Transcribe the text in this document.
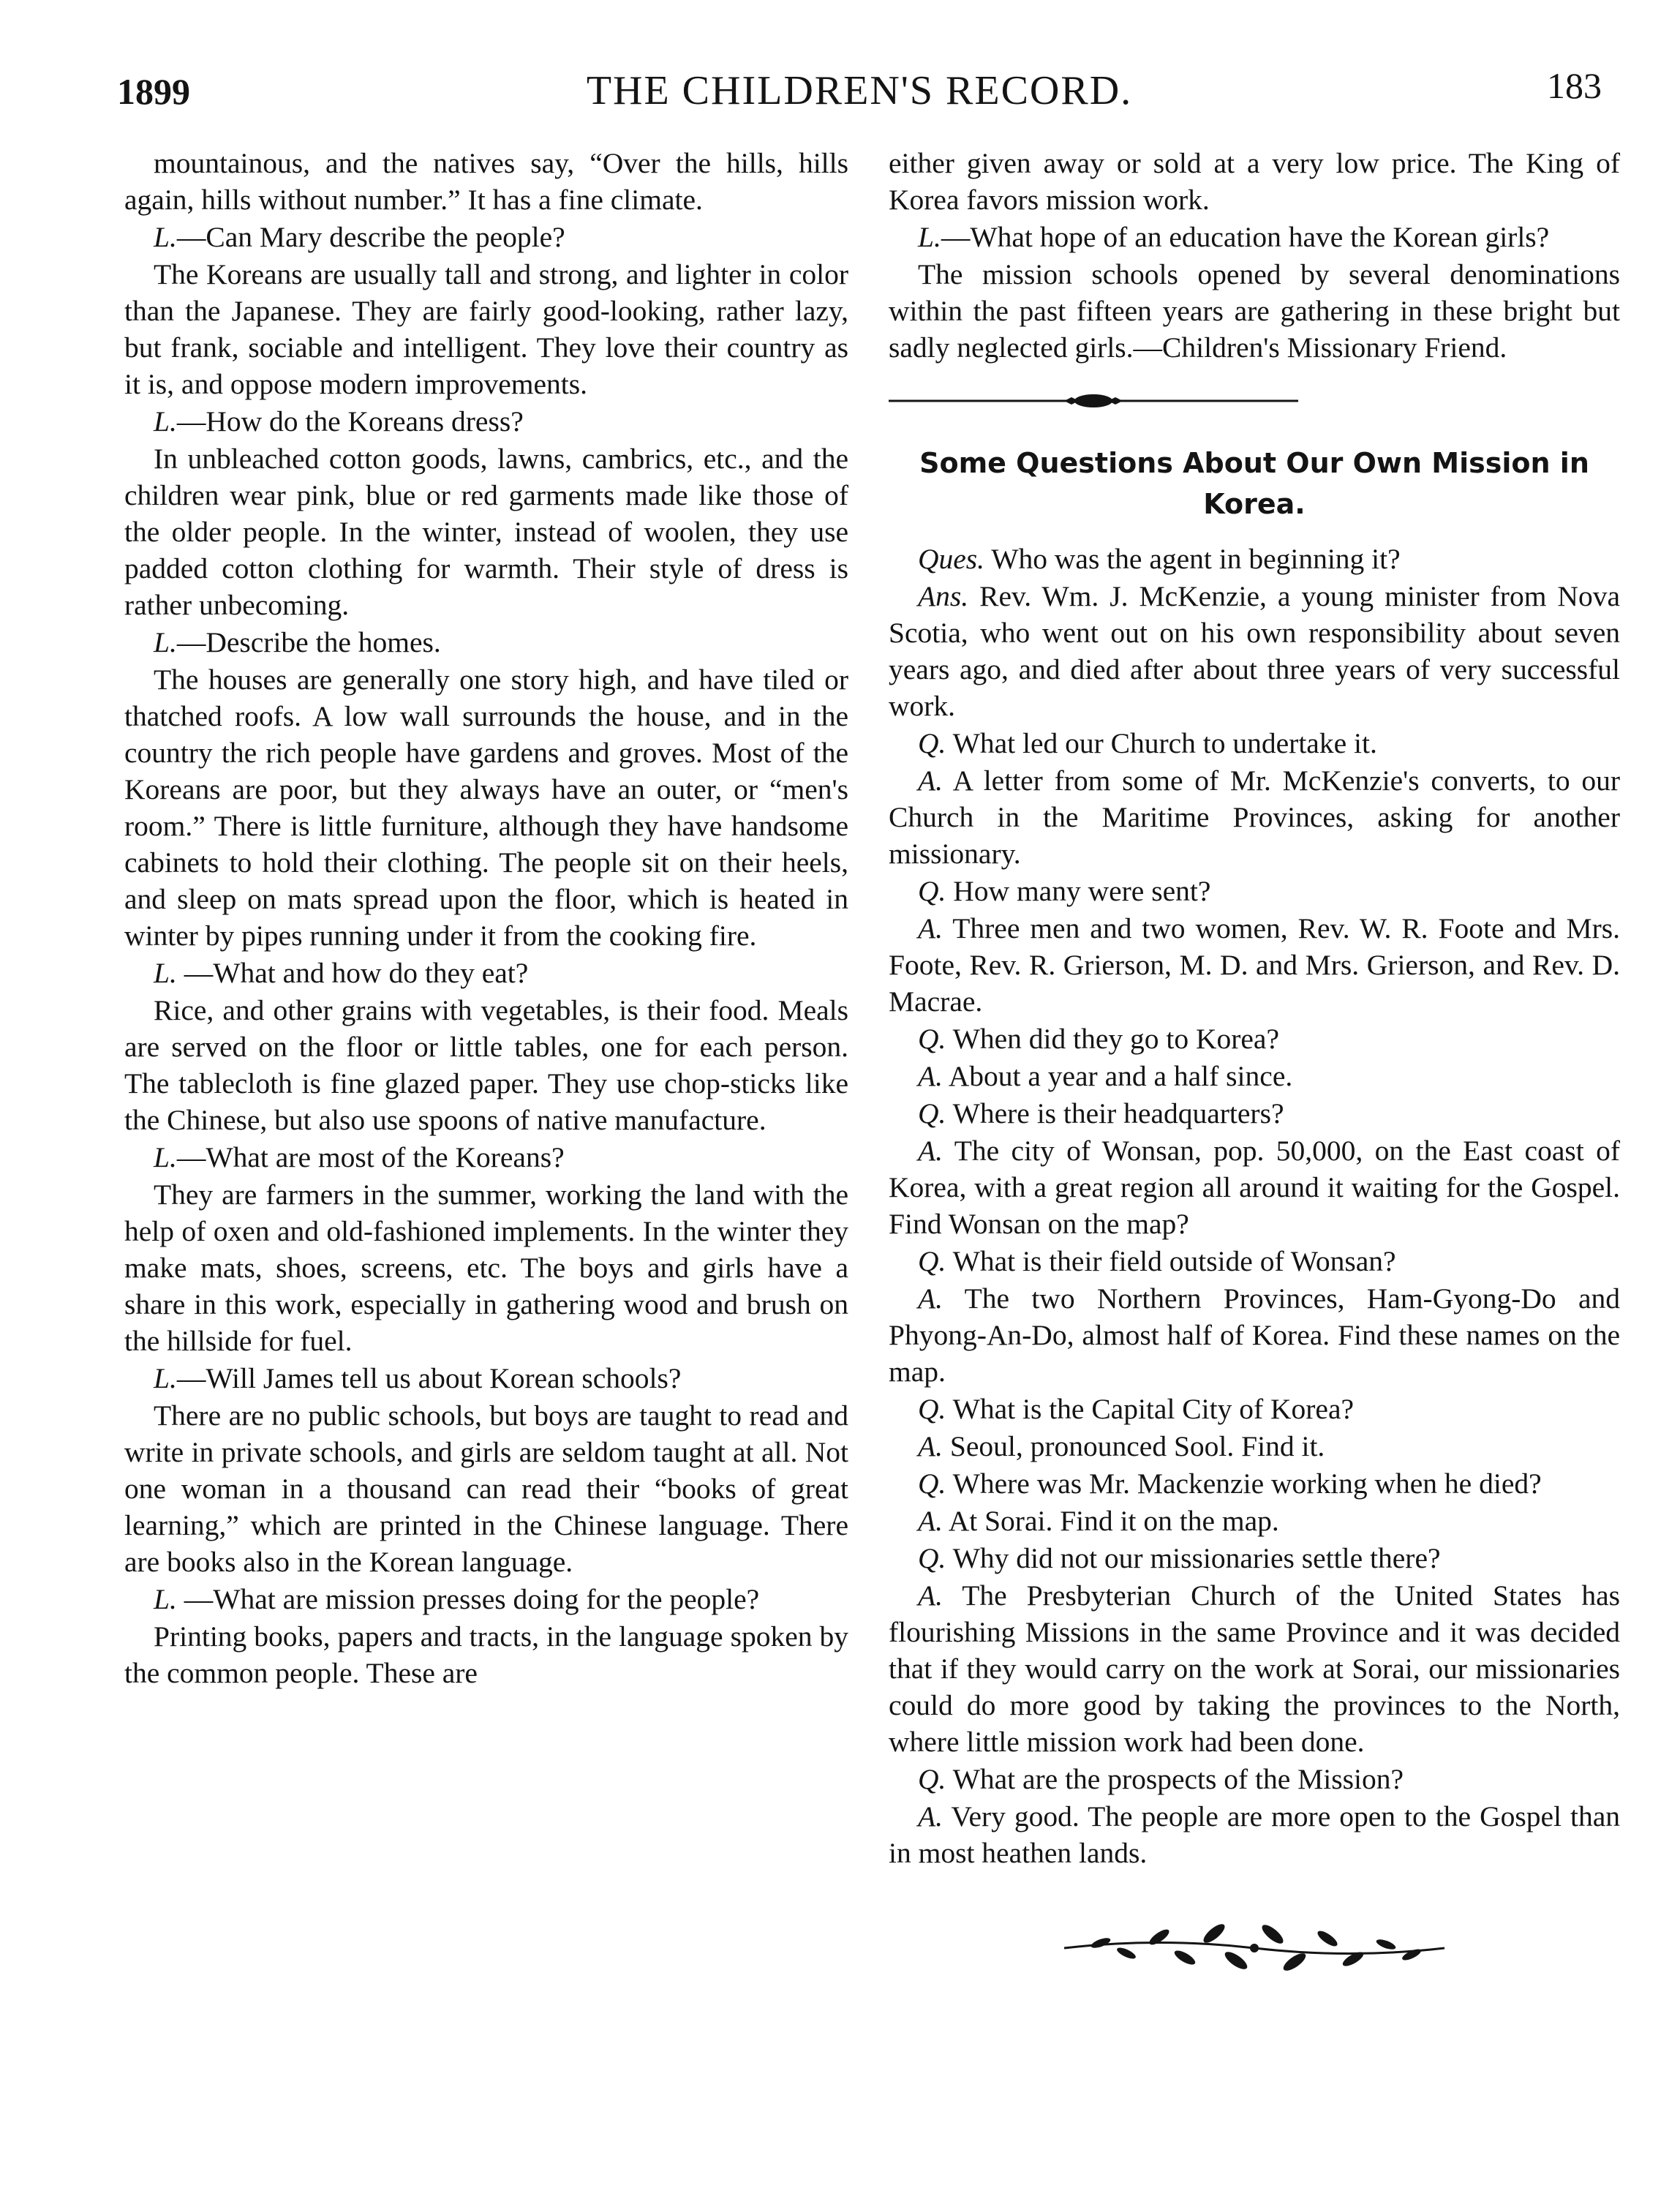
1899	THE CHILDREN'S RECORD.	183

mountainous, and the natives say, “Over the hills, hills again, hills without number.” It has a fine climate.

L.—Can Mary describe the people?

The Koreans are usually tall and strong, and lighter in color than the Japanese. They are fairly good-looking, rather lazy, but frank, sociable and intelligent. They love their country as it is, and oppose modern improvements.

L.—How do the Koreans dress?

In unbleached cotton goods, lawns, cambrics, etc., and the children wear pink, blue or red garments made like those of the older people. In the winter, instead of woolen, they use padded cotton clothing for warmth. Their style of dress is rather unbecoming.

L.—Describe the homes.

The houses are generally one story high, and have tiled or thatched roofs. A low wall surrounds the house, and in the country the rich people have gardens and groves. Most of the Koreans are poor, but they always have an outer, or “men's room.” There is little furniture, although they have handsome cabinets to hold their clothing. The people sit on their heels, and sleep on mats spread upon the floor, which is heated in winter by pipes running under it from the cooking fire.

L. —What and how do they eat?

Rice, and other grains with vegetables, is their food. Meals are served on the floor or little tables, one for each person. The tablecloth is fine glazed paper. They use chop-sticks like the Chinese, but also use spoons of native manufacture.

L.—What are most of the Koreans?

They are farmers in the summer, working the land with the help of oxen and old-fashioned implements. In the winter they make mats, shoes, screens, etc. The boys and girls have a share in this work, especially in gathering wood and brush on the hillside for fuel.

L.—Will James tell us about Korean schools?

There are no public schools, but boys are taught to read and write in private schools, and girls are seldom taught at all. Not one woman in a thousand can read their “books of great learning,” which are printed in the Chinese language. There are books also in the Korean language.

L. —What are mission presses doing for the people?

Printing books, papers and tracts, in the language spoken by the common people. These are

either given away or sold at a very low price. The King of Korea favors mission work.

L.—What hope of an education have the Korean girls?

The mission schools opened by several denominations within the past fifteen years are gathering in these bright but sadly neglected girls.—Children's Missionary Friend.

Some Questions About Our Own Mission in Korea.

Ques. Who was the agent in beginning it?

Ans. Rev. Wm. J. McKenzie, a young minister from Nova Scotia, who went out on his own responsibility about seven years ago, and died after about three years of very successful work.

Q. What led our Church to undertake it.

A. A letter from some of Mr. McKenzie's converts, to our Church in the Maritime Provinces, asking for another missionary.

Q. How many were sent?

A. Three men and two women, Rev. W. R. Foote and Mrs. Foote, Rev. R. Grierson, M. D. and Mrs. Grierson, and Rev. D. Macrae.

Q. When did they go to Korea?

A. About a year and a half since.

Q. Where is their headquarters?

A. The city of Wonsan, pop. 50,000, on the East coast of Korea, with a great region all around it waiting for the Gospel. Find Wonsan on the map?

Q. What is their field outside of Wonsan?

A. The two Northern Provinces, Ham-Gyong-Do and Phyong-An-Do, almost half of Korea. Find these names on the map.

Q. What is the Capital City of Korea?

A. Seoul, pronounced Sool. Find it.

Q. Where was Mr. Mackenzie working when he died?

A. At Sorai. Find it on the map.

Q. Why did not our missionaries settle there?

A. The Presbyterian Church of the United States has flourishing Missions in the same Province and it was decided that if they would carry on the work at Sorai, our missionaries could do more good by taking the provinces to the North, where little mission work had been done.

Q. What are the prospects of the Mission?

A. Very good. The people are more open to the Gospel than in most heathen lands.
